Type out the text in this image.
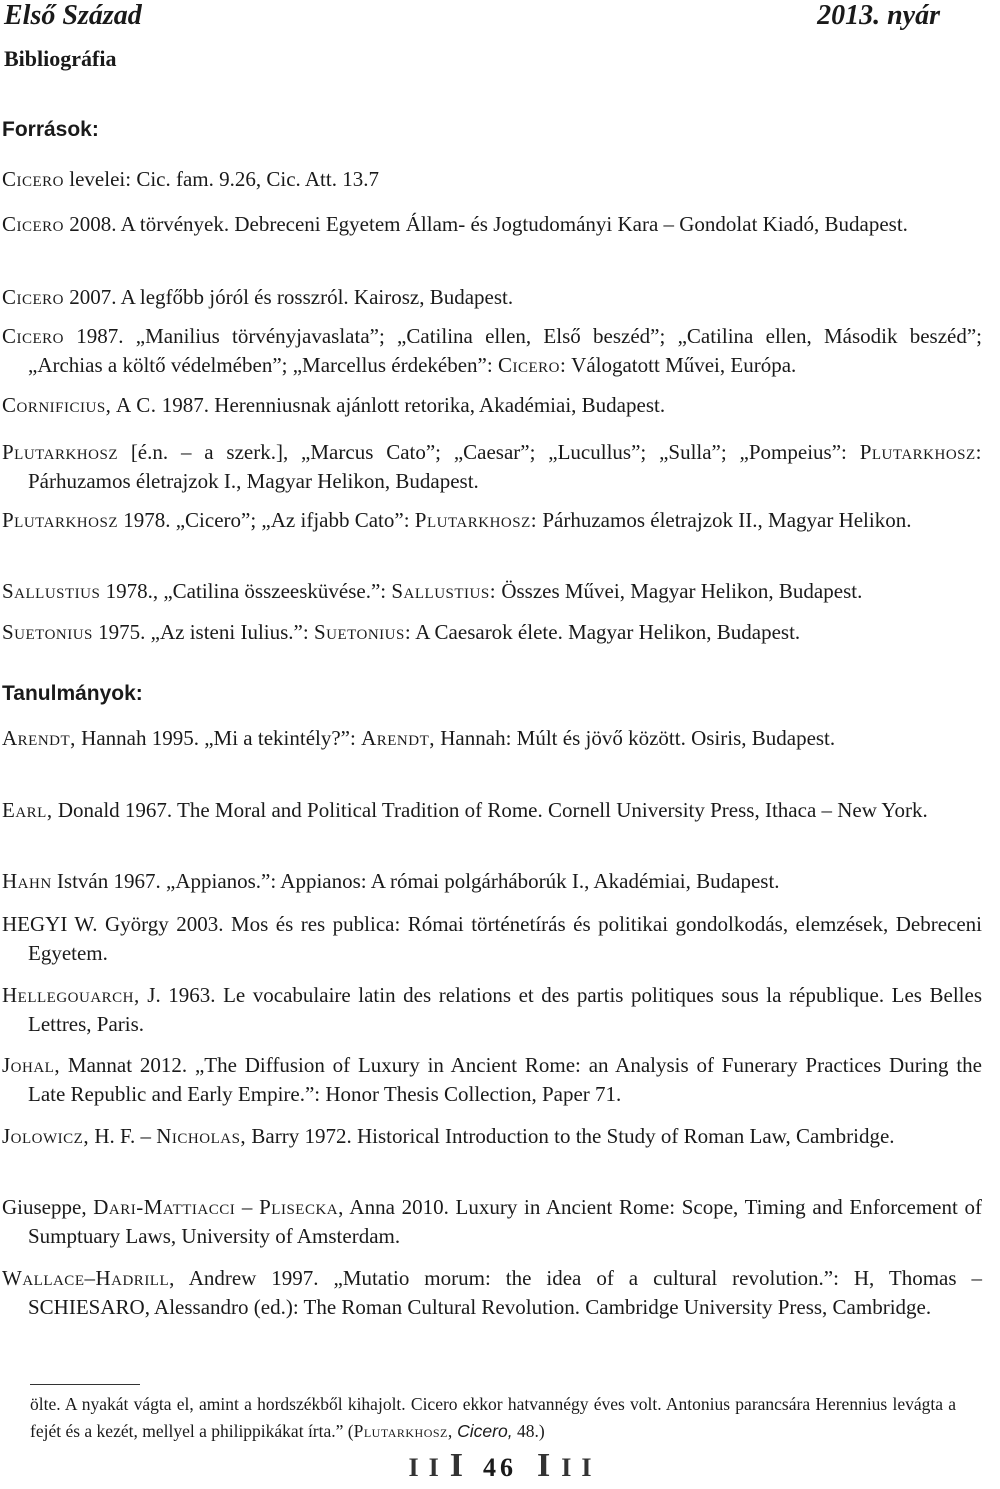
Első Század	2013. nyár
Bibliográfia
Források:
Cicero levelei: Cic. fam. 9.26, Cic. Att. 13.7
Cicero 2008. A törvények. Debreceni Egyetem Állam- és Jogtudományi Kara – Gondolat Kiadó, Budapest.
Cicero 2007. A legfőbb jóról és rosszról. Kairosz, Budapest.
Cicero 1987. „Manilius törvényjavaslata”; „Catilina ellen, Első beszéd”; „Catilina ellen, Második beszéd”; „Archias a költő védelmében”; „Marcellus érdekében”: Cicero: Válogatott Művei, Európa.
Cornificius, A C. 1987. Herenniusnak ajánlott retorika, Akadémiai, Budapest.
Plutarkhosz [é.n. – a szerk.], „Marcus Cato”; „Caesar”; „Lucullus”; „Sulla”; „Pompeius”: Plutarkhosz: Párhuzamos életrajzok I., Magyar Helikon, Budapest.
Plutarkhosz 1978. „Cicero”; „Az ifjabb Cato”: Plutarkhosz: Párhuzamos életrajzok II., Magyar Helikon.
Sallustius 1978., „Catilina összeesküvése.”: Sallustius: Összes Művei, Magyar Helikon, Budapest.
Suetonius 1975. „Az isteni Iulius.”: Suetonius: A Caesarok élete. Magyar Helikon, Budapest.
Tanulmányok:
Arendt, Hannah 1995. „Mi a tekintély?”: Arendt, Hannah: Múlt és jövő között. Osiris, Budapest.
Earl, Donald 1967. The Moral and Political Tradition of Rome. Cornell University Press, Ithaca – New York.
Hahn István 1967. „Appianos.”: Appianos: A római polgárháborúk I., Akadémiai, Budapest.
HEGYI W. György 2003. Mos és res publica: Római történetírás és politikai gondolkodás, elemzések, Debreceni Egyetem.
Hellegouarch, J. 1963. Le vocabulaire latin des relations et des partis politiques sous la république. Les Belles Lettres, Paris.
Johal, Mannat 2012. „The Diffusion of Luxury in Ancient Rome: an Analysis of Funerary Practices During the Late Republic and Early Empire.”: Honor Thesis Collection, Paper 71.
Jolowicz, H. F. – Nicholas, Barry 1972. Historical Introduction to the Study of Roman Law, Cambridge.
Giuseppe, Dari-Mattiacci – Plisecka, Anna 2010. Luxury in Ancient Rome: Scope, Timing and Enforcement of Sumptuary Laws, University of Amsterdam.
Wallace–Hadrill, Andrew 1997. „Mutatio morum: the idea of a cultural revolution.”: H, Thomas – SCHIESARO, Alessandro (ed.): The Roman Cultural Revolution. Cambridge University Press, Cambridge.
ölte. A nyakát vágta el, amint a hordszékből kihajolt. Cicero ekkor hatvannégy éves volt. Antonius parancsára Herennius levágta a fejét és a kezét, mellyel a philippikákat írta.” (Plutarkhosz, Cicero, 48.)
I I I 46 I I I
